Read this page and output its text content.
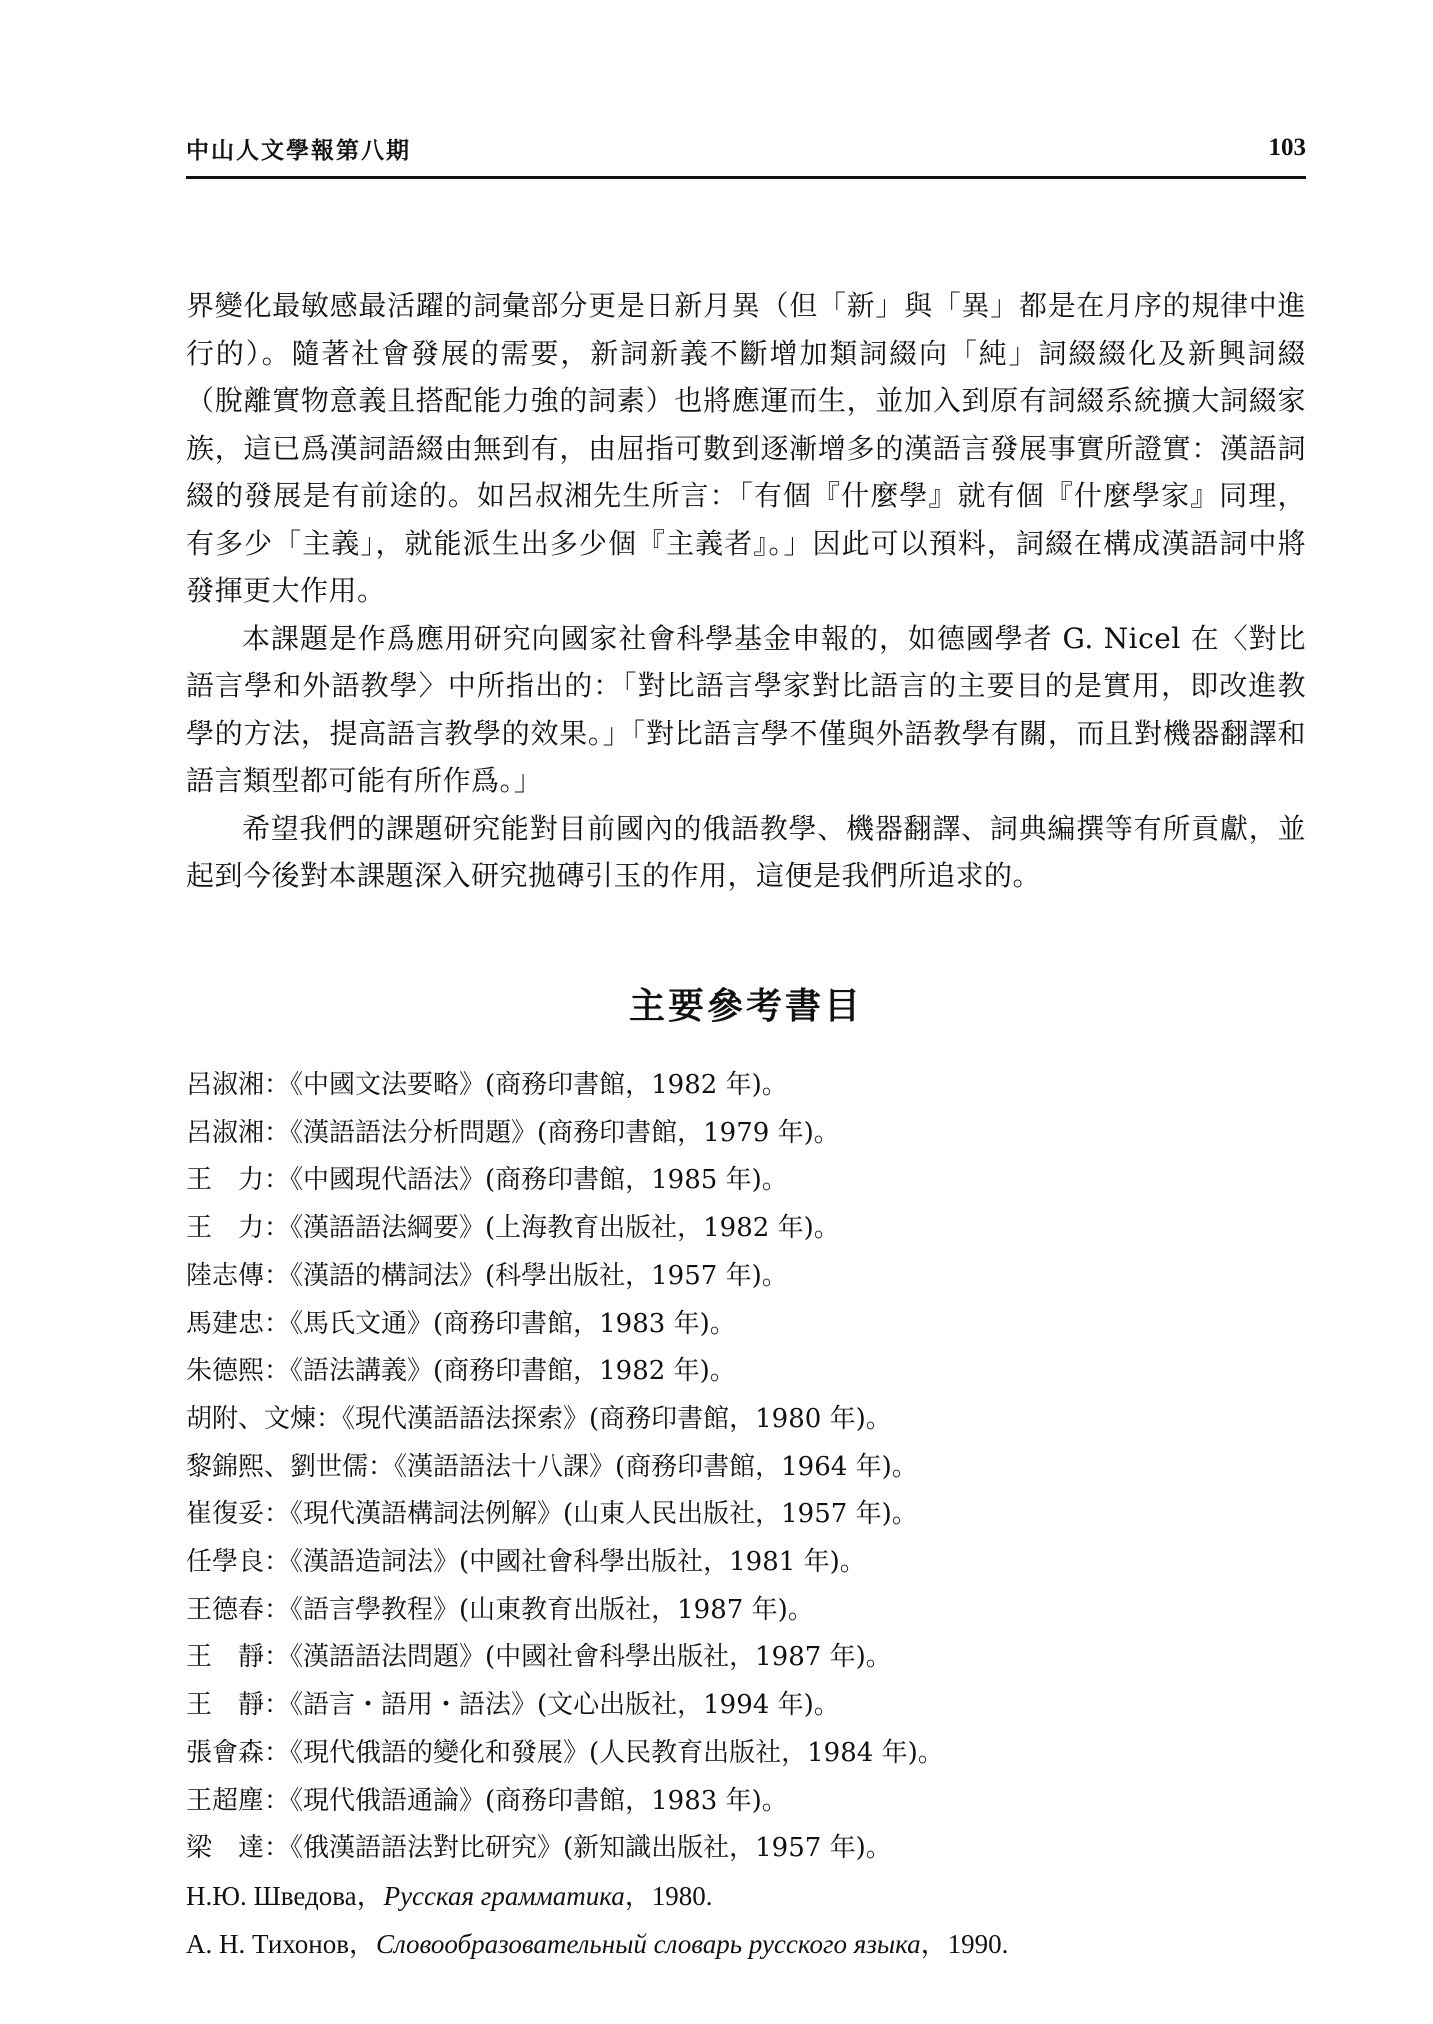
中山人文學報第八期	103

界變化最敏感最活躍的詞彙部分更是日新月異（但「新」與「異」都是在月序的規律中進行的）。隨著社會發展的需要，新詞新義不斷增加類詞綴向「純」詞綴綴化及新興詞綴（脫離實物意義且搭配能力強的詞素）也將應運而生，並加入到原有詞綴系統擴大詞綴家族，這已爲漢詞語綴由無到有，由屈指可數到逐漸增多的漢語言發展事實所證實：漢語詞綴的發展是有前途的。如呂叔湘先生所言：「有個『什麼學』就有個『什麼學家』同理，有多少「主義」，就能派生出多少個『主義者』。」因此可以預料，詞綴在構成漢語詞中將發揮更大作用。

本課題是作爲應用研究向國家社會科學基金申報的，如德國學者 G. Nicel 在〈對比語言學和外語教學〉中所指出的：「對比語言學家對比語言的主要目的是實用，即改進教學的方法，提高語言教學的效果。」「對比語言學不僅與外語教學有關，而且對機器翻譯和語言類型都可能有所作爲。」

希望我們的課題研究能對目前國內的俄語教學、機器翻譯、詞典編撰等有所貢獻，並起到今後對本課題深入研究拋磚引玉的作用，這便是我們所追求的。

主要參考書目
呂淑湘：《中國文法要略》(商務印書館，1982 年)。
呂淑湘：《漢語語法分析問題》(商務印書館，1979 年)。
王　力：《中國現代語法》(商務印書館，1985 年)。
王　力：《漢語語法綱要》(上海教育出版社，1982 年)。
陸志傳：《漢語的構詞法》(科學出版社，1957 年)。
馬建忠：《馬氏文通》(商務印書館，1983 年)。
朱德熙：《語法講義》(商務印書館，1982 年)。
胡附、文煉：《現代漢語語法探索》(商務印書館，1980 年)。
黎錦熙、劉世儒：《漢語語法十八課》(商務印書館，1964 年)。
崔復妥：《現代漢語構詞法例解》(山東人民出版社，1957 年)。
任學良：《漢語造詞法》(中國社會科學出版社，1981 年)。
王德春：《語言學教程》(山東教育出版社，1987 年)。
王　靜：《漢語語法問題》(中國社會科學出版社，1987 年)。
王　靜：《語言・語用・語法》(文心出版社，1994 年)。
張會森：《現代俄語的變化和發展》(人民教育出版社，1984 年)。
王超塵：《現代俄語通論》(商務印書館，1983 年)。
梁　達：《俄漢語語法對比研究》(新知識出版社，1957 年)。
Н.Ю. Шведова，Русская грамматика，1980.
А. Н. Тихонов，Словообразовательный словарь русского языка，1990.
